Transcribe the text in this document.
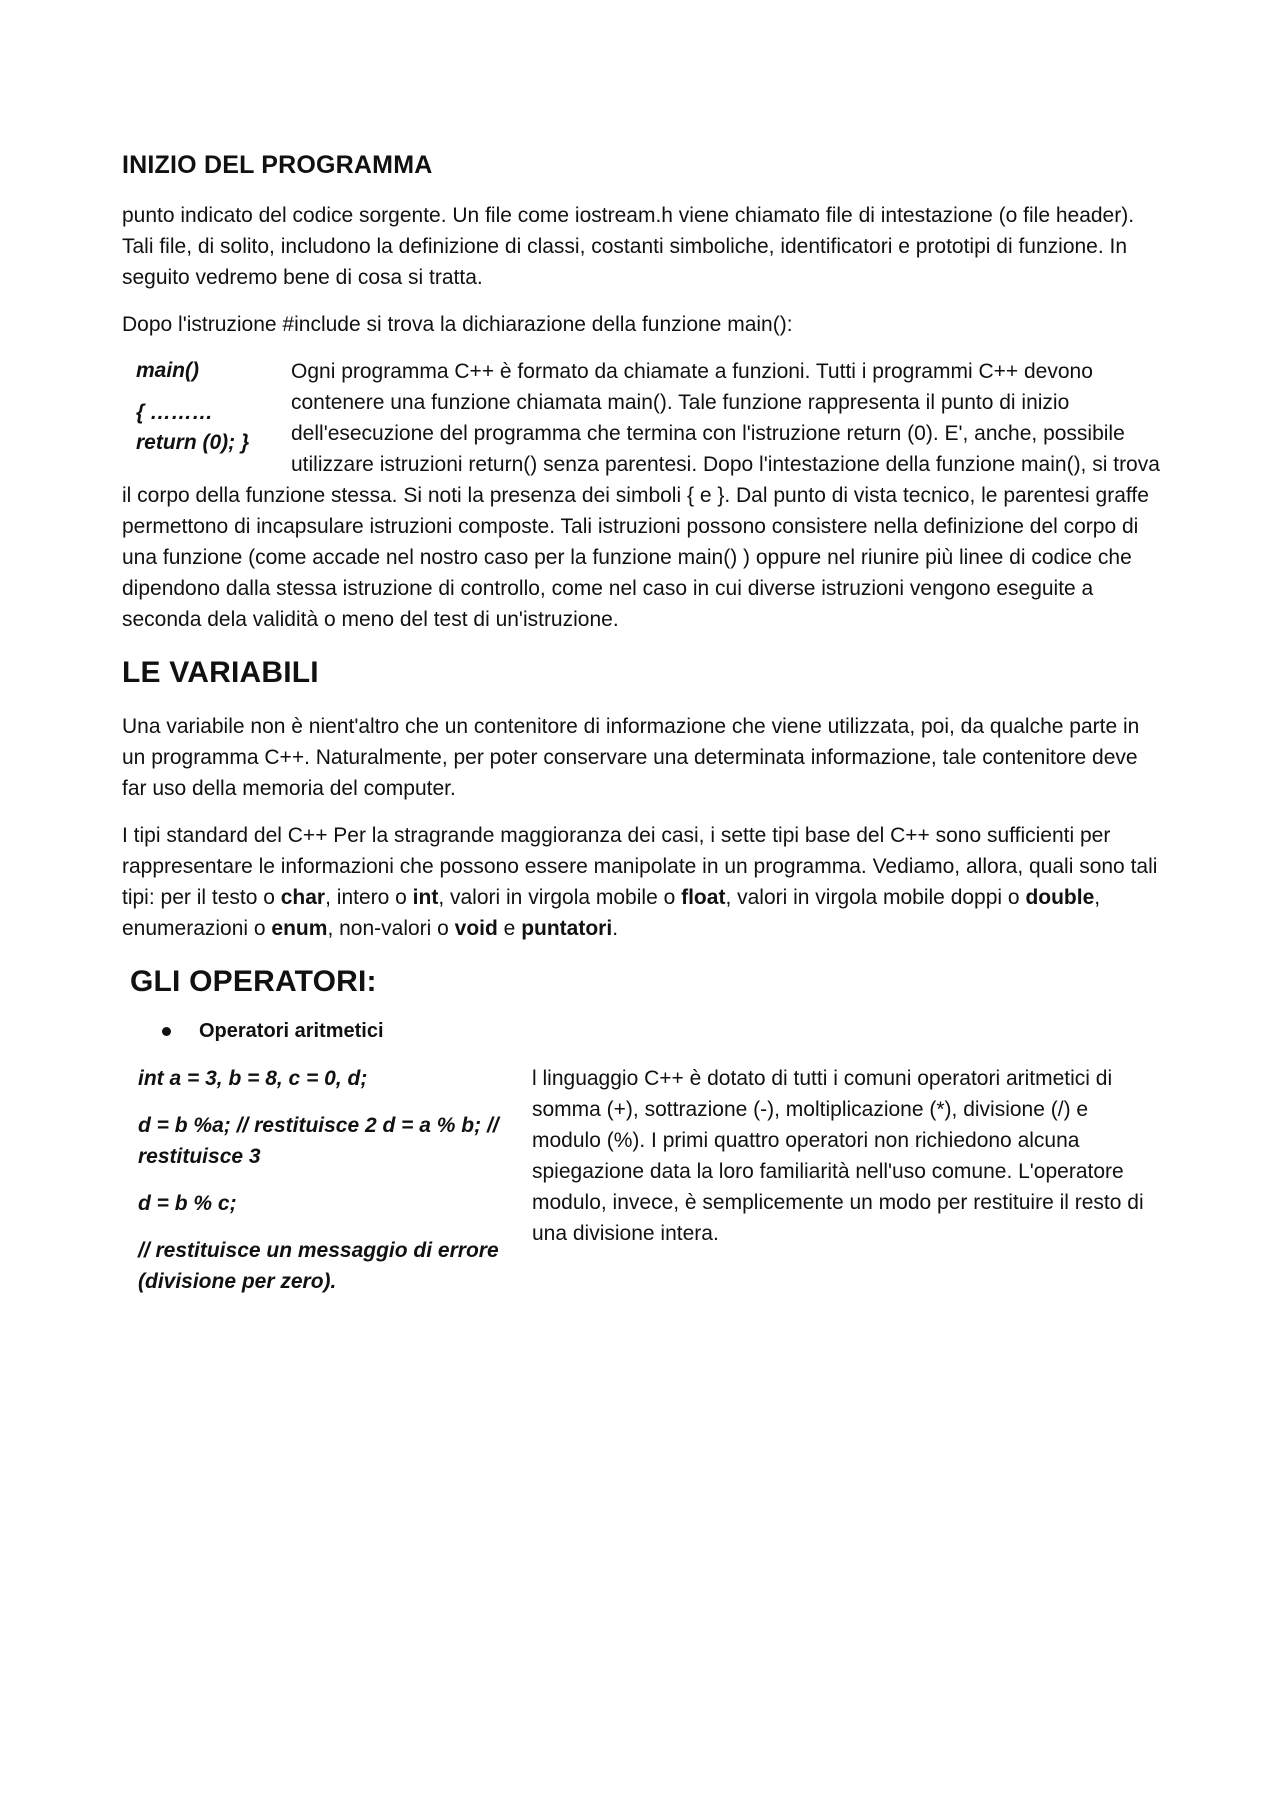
INIZIO DEL PROGRAMMA

punto indicato del codice sorgente. Un file come iostream.h viene chiamato file di intestazione (o file header). Tali file, di solito, includono la definizione di classi, costanti simboliche, identificatori e prototipi di funzione. In seguito vedremo bene di cosa si tratta.

Dopo l'istruzione #include si trova la dichiarazione della funzione main():

main()
{ ………
return (0); }

Ogni programma C++ è formato da chiamate a funzioni. Tutti i programmi C++ devono contenere una funzione chiamata main(). Tale funzione rappresenta il punto di inizio dell'esecuzione del programma che termina con l'istruzione return (0). E', anche, possibile utilizzare istruzioni return() senza parentesi. Dopo l'intestazione della funzione main(), si trova il corpo della funzione stessa. Si noti la presenza dei simboli { e }. Dal punto di vista tecnico, le parentesi graffe permettono di incapsulare istruzioni composte. Tali istruzioni possono consistere nella definizione del corpo di una funzione (come accade nel nostro caso per la funzione main() ) oppure nel riunire più linee di codice che dipendono dalla stessa istruzione di controllo, come nel caso in cui diverse istruzioni vengono eseguite a seconda dela validità o meno del test di un'istruzione.

LE VARIABILI

Una variabile non è nient'altro che un contenitore di informazione che viene utilizzata, poi, da qualche parte in un programma C++. Naturalmente, per poter conservare una determinata informazione, tale contenitore deve far uso della memoria del computer.

I tipi standard del C++ Per la stragrande maggioranza dei casi, i sette tipi base del C++ sono sufficienti per rappresentare le informazioni che possono essere manipolate in un programma. Vediamo, allora, quali sono tali tipi: per il testo o char, intero o int, valori in virgola mobile o float, valori in virgola mobile doppi o double, enumerazioni o enum, non-valori o void e puntatori.

GLI OPERATORI:
Operatori aritmetici
int a = 3, b = 8, c = 0, d;
d = b %a; // restituisce 2 d = a % b; // restituisce 3
d = b % c;
// restituisce un messaggio di errore (divisione per zero).

l linguaggio C++ è dotato di tutti i comuni operatori aritmetici di somma (+), sottrazione (-), moltiplicazione (*), divisione (/) e modulo (%). I primi quattro operatori non richiedono alcuna spiegazione data la loro familiarità nell'uso comune. L'operatore modulo, invece, è semplicemente un modo per restituire il resto di una divisione intera.
